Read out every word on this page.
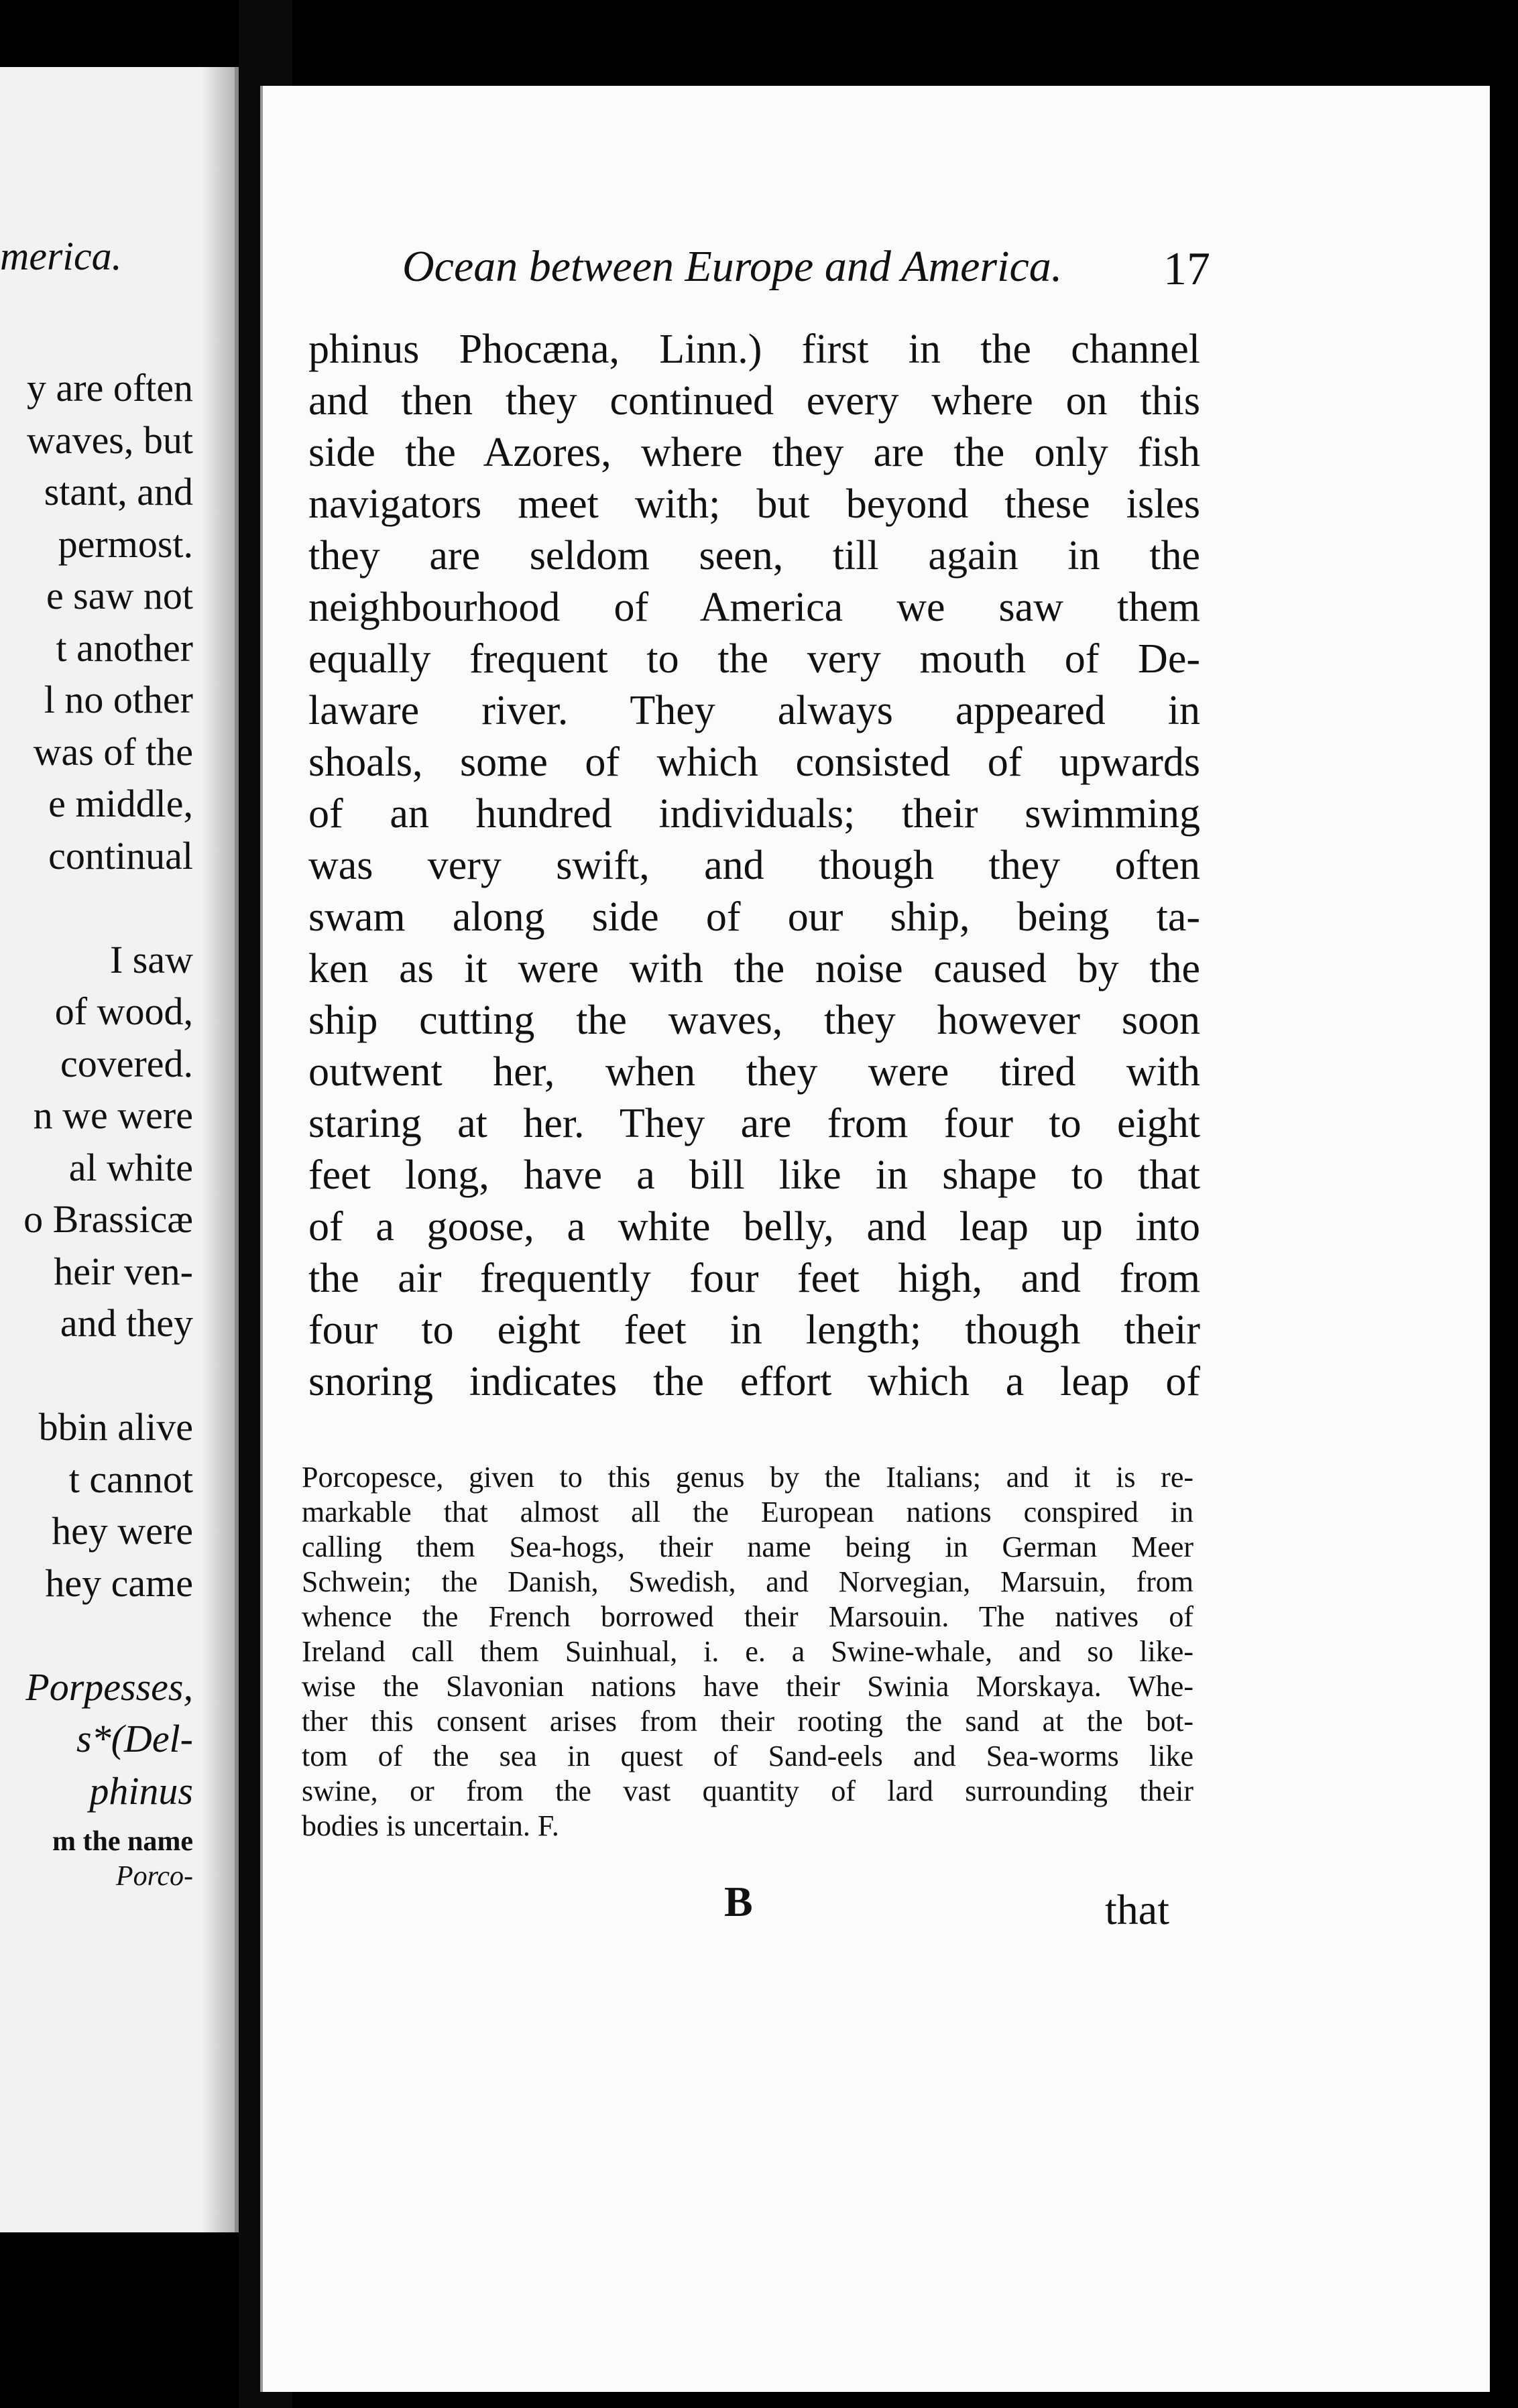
merica.
y are often
waves, but
stant, and
permost.
e saw not
t another
l no other
was of the
e middle,
continual
I saw
of wood,
covered.
n we were
al white
o Brassicæ
heir ven-
and they
bbin alive
t cannot
hey were
hey came
Porpesses,
s*(Del-
phinus
m the name
Porco-
Ocean between Europe and America. 17
phinus Phocæna, Linn.) first in the channel
and then they continued every where on this
side the Azores, where they are the only fish
navigators meet with; but beyond these isles
they are seldom seen, till again in the
neighbourhood of America we saw them
equally frequent to the very mouth of De-
laware river. They always appeared in
shoals, some of which consisted of upwards
of an hundred individuals; their swimming
was very swift, and though they often
swam along side of our ship, being ta-
ken as it were with the noise caused by the
ship cutting the waves, they however soon
outwent her, when they were tired with
staring at her. They are from four to eight
feet long, have a bill like in shape to that
of a goose, a white belly, and leap up into
the air frequently four feet high, and from
four to eight feet in length; though their
snoring indicates the effort which a leap of
Porcopesce, given to this genus by the Italians; and it is re-
markable that almost all the European nations conspired in
calling them Sea-hogs, their name being in German Meer
Schwein; the Danish, Swedish, and Norvegian, Marsuin, from
whence the French borrowed their Marsouin. The natives of
Ireland call them Suinhual, i. e. a Swine-whale, and so like-
wise the Slavonian nations have their Swinia Morskaya. Whe-
ther this consent arises from their rooting the sand at the bot-
tom of the sea in quest of Sand-eels and Sea-worms like
swine, or from the vast quantity of lard surrounding their
bodies is uncertain. F.
B	that
